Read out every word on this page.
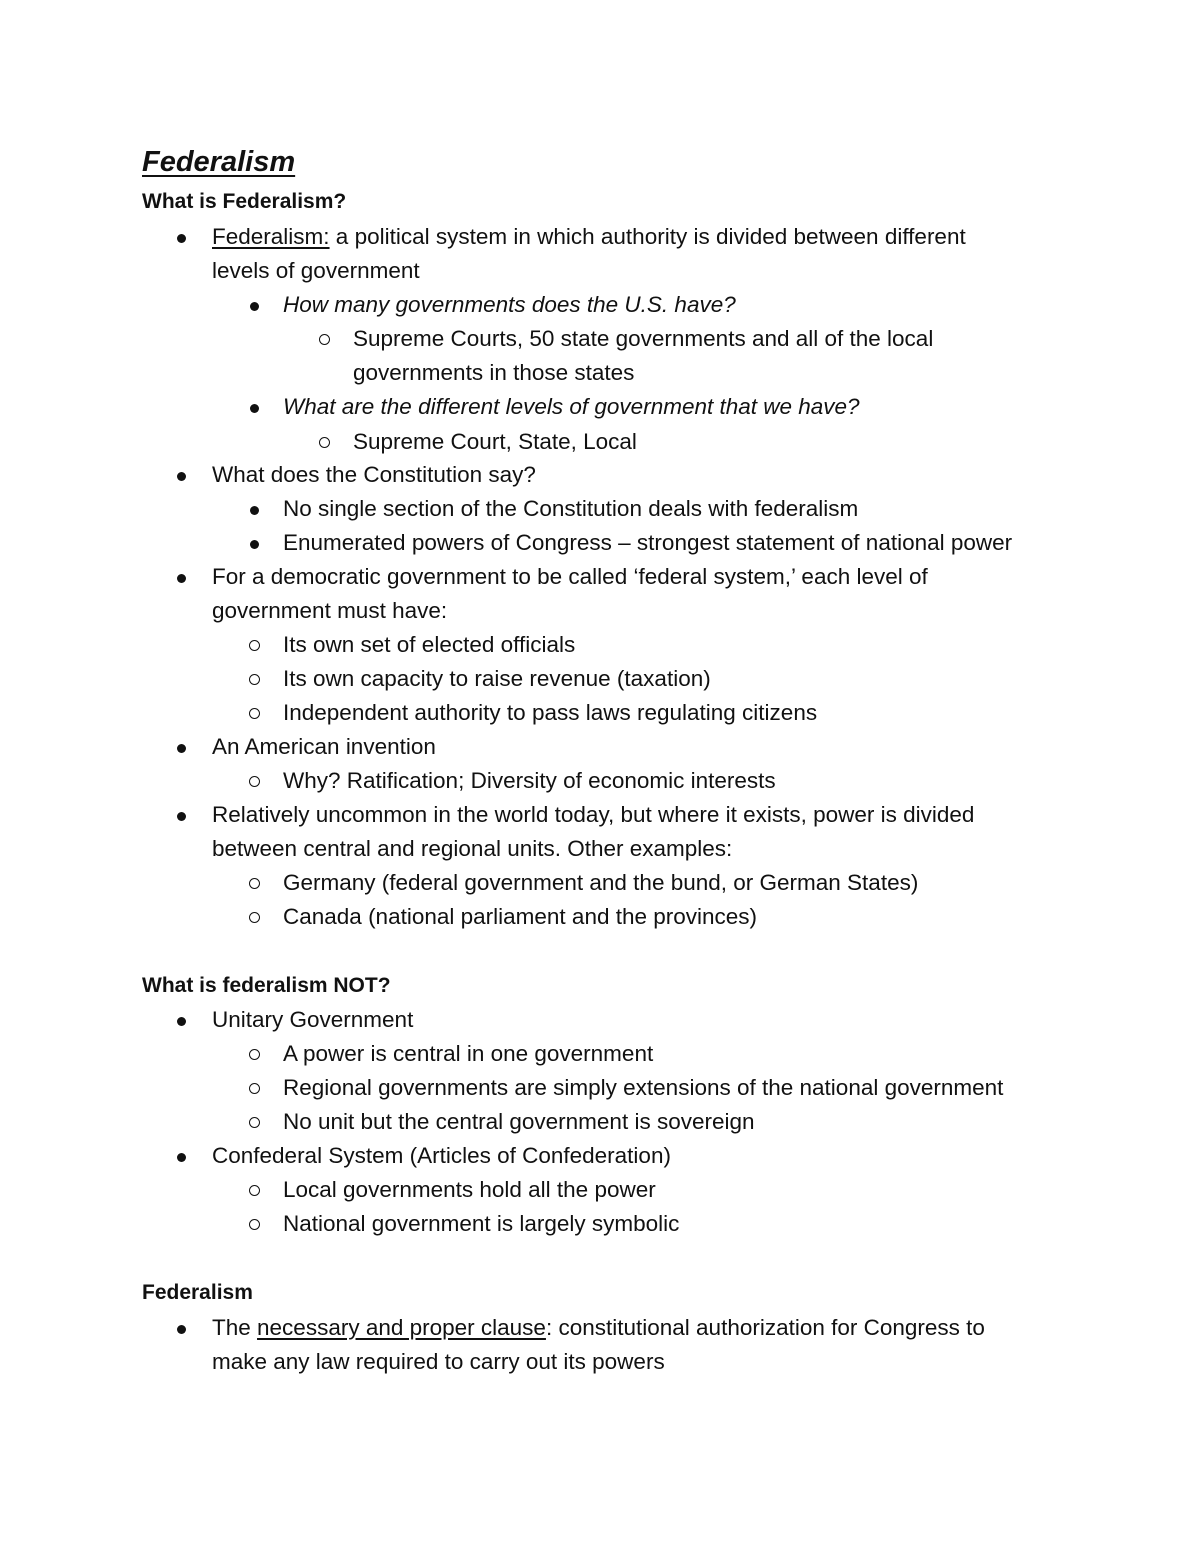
Federalism
What is Federalism?
Federalism: a political system in which authority is divided between different
levels of government
How many governments does the U.S. have?
Supreme Courts, 50 state governments and all of the local
governments in those states
What are the different levels of government that we have?
Supreme Court, State, Local
What does the Constitution say?
No single section of the Constitution deals with federalism
Enumerated powers of Congress – strongest statement of national power
For a democratic government to be called ‘federal system,’ each level of
government must have:
Its own set of elected officials
Its own capacity to raise revenue (taxation)
Independent authority to pass laws regulating citizens
An American invention
Why? Ratification; Diversity of economic interests
Relatively uncommon in the world today, but where it exists, power is divided
between central and regional units. Other examples:
Germany (federal government and the bund, or German States)
Canada (national parliament and the provinces)
What is federalism NOT?
Unitary Government
A power is central in one government
Regional governments are simply extensions of the national government
No unit but the central government is sovereign
Confederal System (Articles of Confederation)
Local governments hold all the power
National government is largely symbolic
Federalism
The necessary and proper clause: constitutional authorization for Congress to
make any law required to carry out its powers
